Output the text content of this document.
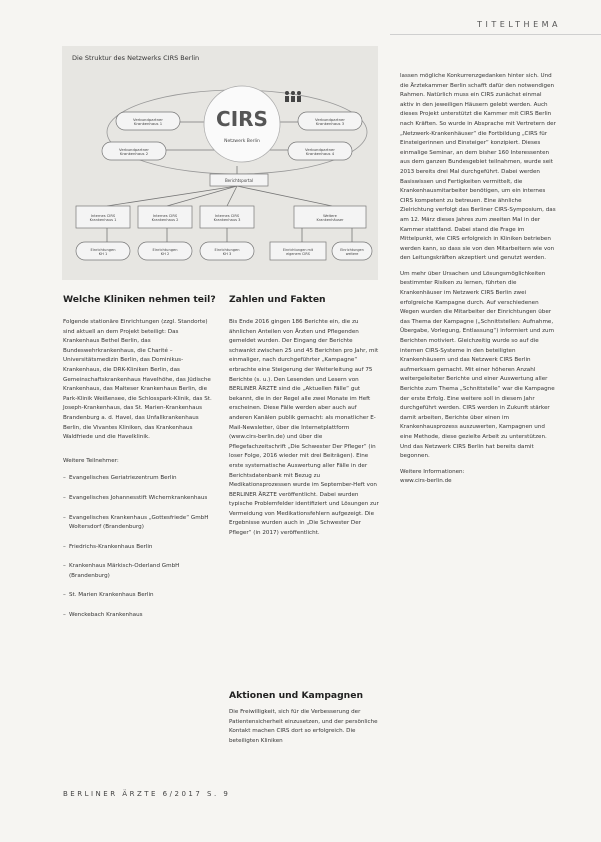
TITELTHEMA
Die Struktur des Netzwerks CIRS Berlin
CIRS
Netzwerk Berlin
Verbundpartner Krankenhaus 1
Verbundpartner Krankenhaus 2
Verbundpartner Krankenhaus 3
Verbundpartner Krankenhaus 4
Berichtsportal
Internes CIRS Krankenhaus 1
Internes CIRS Krankenhaus 2
Internes CIRS Krankenhaus 3
Weitere Krankenhäuser
Einrichtungen KH 1
Einrichtungen KH 2
Einrichtungen KH 3
Einrichtungen mit eigenem CIRS
Einrichtungen weitere
Welche Kliniken nehmen teil?

Folgende stationäre Einrichtungen (zzgl. Standorte) sind aktuell an dem Projekt beteiligt: Das Krankenhaus Bethel Berlin, das Bundeswehrkrankenhaus, die Charité – Universitätsmedizin Berlin, das Dominikus-Krankenhaus, die DRK-Kliniken Berlin, das Gemeinschaftskrankenhaus Havelhöhe, das Jüdische Krankenhaus, das Malteser Krankenhaus Berlin, die Park-Klinik Weißensee, die Schlosspark-Klinik, das St. Joseph-Krankenhaus, das St. Marien-Krankenhaus Brandenburg a. d. Havel, das Unfallkrankenhaus Berlin, die Vivantes Kliniken, das Krankenhaus Waldfriede und die Havelklinik.

Weitere Teilnehmer:
– Evangelisches Geriatriezentrum Berlin
– Evangelisches Johannesstift Wichernkrankenhaus
– Evangelisches Krankenhaus „Gottesfriede“ GmbH Woltersdorf (Brandenburg)
– Friedrichs-Krankenhaus Berlin
– Krankenhaus Märkisch-Oderland GmbH (Brandenburg)
– St. Marien Krankenhaus Berlin
– Wenckebach Krankenhaus
Zahlen und Fakten

Bis Ende 2016 gingen 186 Berichte ein, die zu ähnlichen Anteilen von Ärzten und Pflegenden gemeldet wurden. Der Eingang der Berichte schwankt zwischen 25 und 45 Berichten pro Jahr, mit einmaliger, nach durchgeführter „Kampagne“ erbrachte eine Steigerung der Weiterleitung auf 75 Berichte (s. u.). Den Lesenden und Lesern von BERLINER ÄRZTE sind die „Aktuellen Fälle“ gut bekannt, die in der Regel alle zwei Monate im Heft erscheinen. Diese Fälle werden aber auch auf anderen Kanälen publik gemacht: als monatlicher E-Mail-Newsletter, über die Internetplattform (www.cirs-berlin.de) und über die Pflegefachzeitschrift „Die Schwester Der Pfleger“ (in loser Folge, 2016 wieder mit drei Beiträgen). Eine erste systematische Auswertung aller Fälle in der Berichtsdatenbank mit Bezug zu Medikationsprozessen wurde im September-Heft von BERLINER ÄRZTE veröffentlicht. Dabei wurden typische Problemfelder identifiziert und Lösungen zur Vermeidung von Medikationsfehlern aufgezeigt. Die Ergebnisse wurden auch in „Die Schwester Der Pfleger“ (in 2017) veröffentlicht.

Aktionen und Kampagnen

Die Freiwilligkeit, sich für die Verbesserung der Patientensicherheit einzusetzen, und der persönliche Kontakt machen CIRS dort so erfolgreich. Die beteiligten Kliniken

lassen mögliche Konkurrenzgedanken hinter sich. Und die Ärztekammer Berlin schafft dafür den notwendigen Rahmen. Natürlich muss ein CIRS zunächst einmal aktiv in den jeweiligen Häusern gelebt werden. Auch dieses Projekt unterstützt die Kammer mit CIRS Berlin nach Kräften. So wurde in Absprache mit Vertretern der „Netzwerk-Krankenhäuser“ die Fortbildung „CIRS für Einsteigerinnen und Einsteiger“ konzipiert. Dieses einmalige Seminar, an dem bisher 160 Interessenten aus dem ganzen Bundesgebiet teilnahmen, wurde seit 2013 bereits drei Mal durchgeführt. Dabei werden Basiswissen und Fertigkeiten vermittelt, die Krankenhausmitarbeiter benötigen, um ein internes CIRS kompetent zu betreuen. Eine ähnliche Zielrichtung verfolgt das Berliner CIRS-Symposium, das am 12. März dieses Jahres zum zweiten Mal in der Kammer stattfand. Dabei stand die Frage im Mittelpunkt, wie CIRS erfolgreich in Kliniken betrieben werden kann, so dass sie von den Mitarbeitern wie von den Leitungskräften akzeptiert und genutzt werden.

Um mehr über Ursachen und Lösungsmöglichkeiten bestimmter Risiken zu lernen, führten die Krankenhäuser im Netzwerk CIRS Berlin zwei erfolgreiche Kampagne durch. Auf verschiedenen Wegen wurden die Mitarbeiter der Einrichtungen über das Thema der Kampagne („Schnittstellen: Aufnahme, Übergabe, Vorlegung, Entlassung“) informiert und zum Berichten motiviert. Gleichzeitig wurde so auf die internen CIRS-Systeme in den beteiligten Krankenhäusern und das Netzwerk CIRS Berlin aufmerksam gemacht. Mit einer höheren Anzahl weitergeleiteter Berichte und einer Auswertung aller Berichte zum Thema „Schnittstelle“ war die Kampagne der erste Erfolg. Eine weitere soll in diesem Jahr durchgeführt werden. CIRS werden in Zukunft stärker damit arbeiten, Berichte über einen im Krankenhausprozess auszuwerten, Kampagnen und eine Methode, diese gezielte Arbeit zu unterstützen. Und das Netzwerk CIRS Berlin hat bereits damit begonnen.

Weitere Informationen:
www.cirs-berlin.de
BERLINER ÄRZTE 6/2017 S. 9
